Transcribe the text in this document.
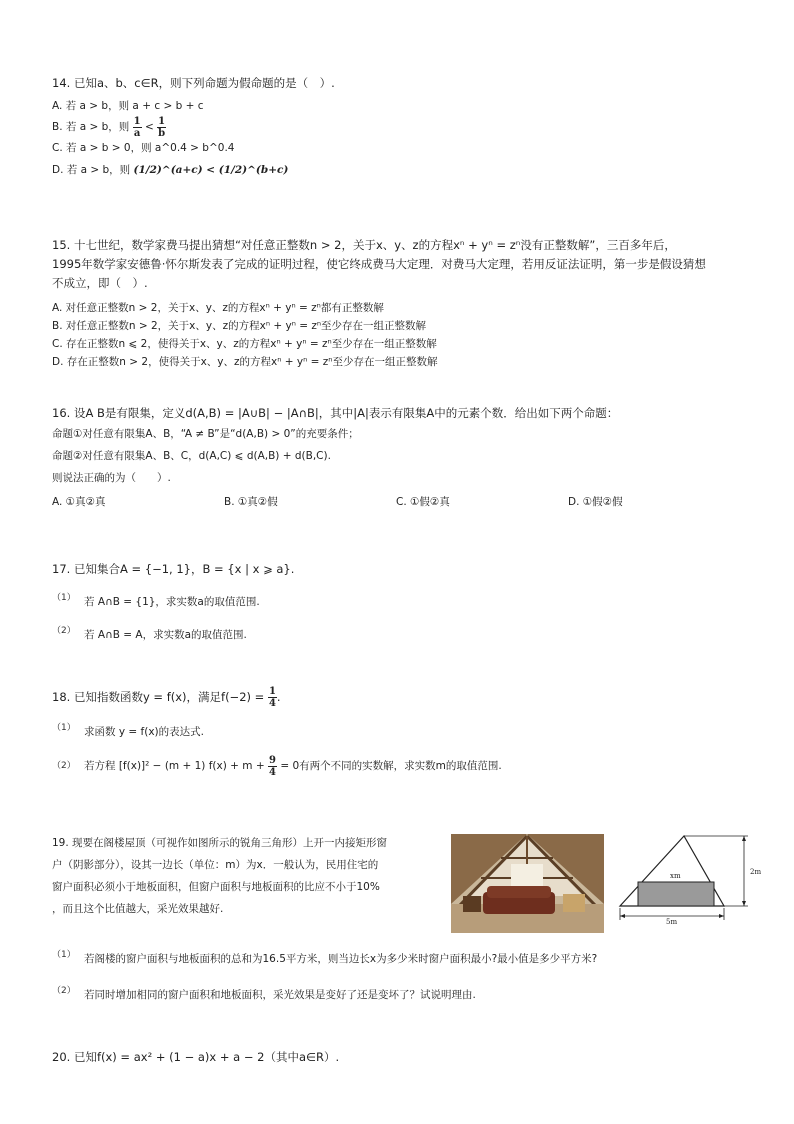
14. 已知a、b、c∈R，则下列命题为假命题的是（　）.
A. 若 a > b，则 a + c > b + c
B. 若 a > b，则 $\frac{1}{a} < \frac{1}{b}$
C. 若 a > b > 0，则 a^0.4 > b^0.4
D. 若 a > b，则 (1/2)^(a+c) < (1/2)^(b+c)
15. 十七世纪，数学家费马提出猜想“对任意正整数n > 2，关于x、y、z的方程xⁿ + yⁿ = zⁿ没有正整数解”，三百多年后，
1995年数学家安德鲁·怀尔斯发表了完成的证明过程，使它终成费马大定理．对费马大定理，若用反证法证明，第一步是假设猜想
不成立，即（　）.
A. 对任意正整数n > 2，关于x、y、z的方程xⁿ + yⁿ = zⁿ都有正整数解
B. 对任意正整数n > 2，关于x、y、z的方程xⁿ + yⁿ = zⁿ至少存在一组正整数解
C. 存在正整数n ⩽ 2，使得关于x、y、z的方程xⁿ + yⁿ = zⁿ至少存在一组正整数解
D. 存在正整数n > 2，使得关于x、y、z的方程xⁿ + yⁿ = zⁿ至少存在一组正整数解
16. 设A B是有限集，定义d(A,B) = |A∪B| − |A∩B|，其中|A|表示有限集A中的元素个数．给出如下两个命题：
命题①对任意有限集A、B，“A ≠ B”是“d(A,B) > 0”的充要条件；
命题②对任意有限集A、B、C，d(A,C) ⩽ d(A,B) + d(B,C).
则说法正确的为（　　）.
A. ①真②真	B. ①真②假	C. ①假②真	D. ①假②假
17. 已知集合A = {−1, 1}，B = {x | x ⩾ a}.
（1） 若 A∩B = {1}，求实数a的取值范围.
（2） 若 A∩B = A，求实数a的取值范围.
18. 已知指数函数y = f(x)，满足$f(-2) = \frac{1}{4}$ .
（1） 求函数 y = f(x)的表达式.
（2） 若方程 [f(x)]² − (m + 1) $f(x) + m + \frac{9}{4} = 0$有两个不同的实数解，求实数m的取值范围.
19. 现要在阁楼屋顶（可视作如图所示的锐角三角形）上开一内接矩形窗
户（阴影部分），设其一边长（单位：m）为x．一般认为，民用住宅的
窗户面积必须小于地板面积，但窗户面积与地板面积的比应不小于10%
，而且这个比值越大，采光效果越好.
xm	2m
5m
（1） 若阁楼的窗户面积与地板面积的总和为16.5平方米，则当边长x为多少米时窗户面积最小?最小值是多少平方米?
（2） 若同时增加相同的窗户面积和地板面积，采光效果是变好了还是变坏了？试说明理由.
20. 已知f(x) = ax² + (1 − a)x + a − 2（其中a∈R）.
